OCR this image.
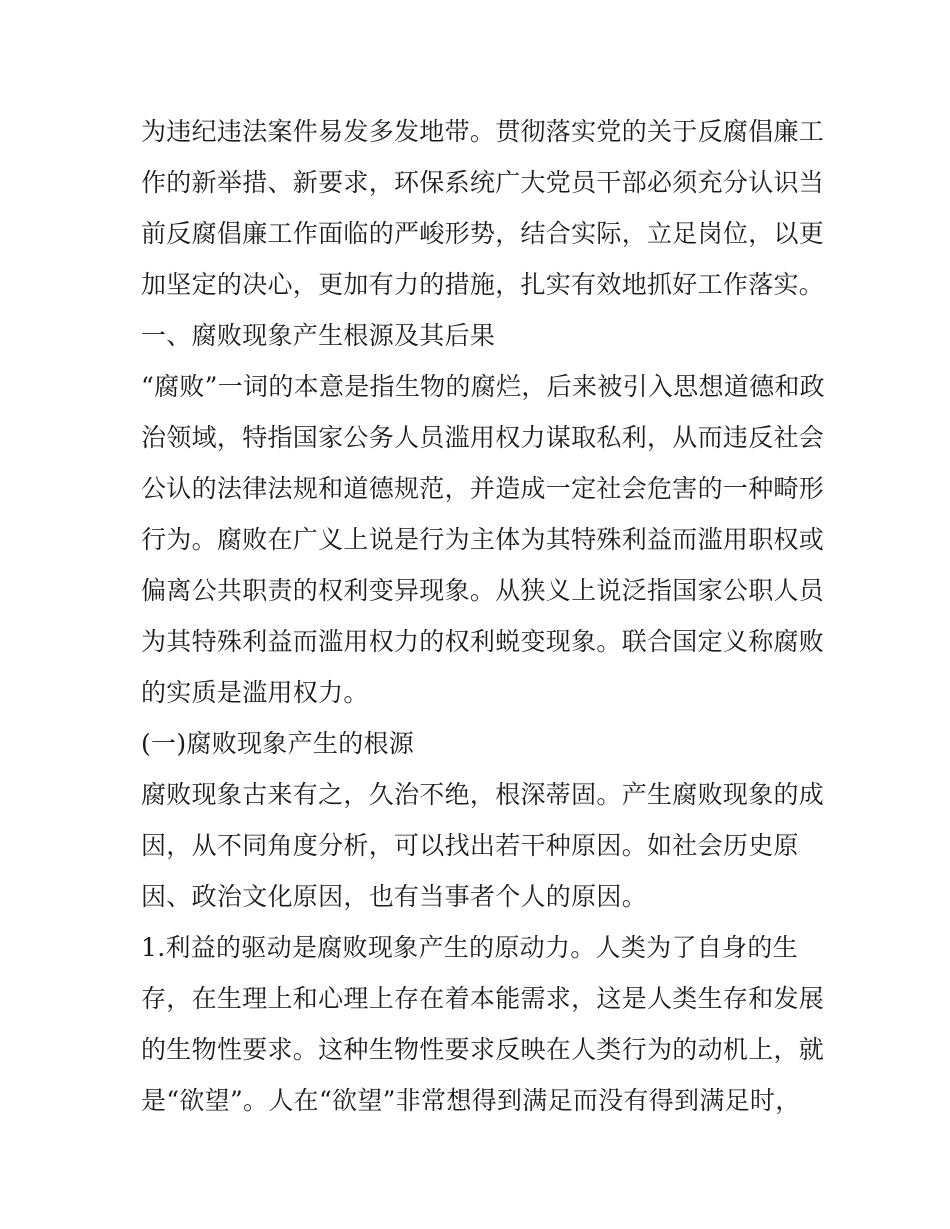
为违纪违法案件易发多发地带。贯彻落实党的关于反腐倡廉工
作的新举措、新要求，环保系统广大党员干部必须充分认识当
前反腐倡廉工作面临的严峻形势，结合实际，立足岗位，以更
加坚定的决心，更加有力的措施，扎实有效地抓好工作落实。
一、腐败现象产生根源及其后果
“腐败”一词的本意是指生物的腐烂，后来被引入思想道德和政
治领域，特指国家公务人员滥用权力谋取私利，从而违反社会
公认的法律法规和道德规范，并造成一定社会危害的一种畸形
行为。腐败在广义上说是行为主体为其特殊利益而滥用职权或
偏离公共职责的权利变异现象。从狭义上说泛指国家公职人员
为其特殊利益而滥用权力的权利蜕变现象。联合国定义称腐败
的实质是滥用权力。
(一)腐败现象产生的根源
腐败现象古来有之，久治不绝，根深蒂固。产生腐败现象的成
因，从不同角度分析，可以找出若干种原因。如社会历史原
因、政治文化原因，也有当事者个人的原因。
1.利益的驱动是腐败现象产生的原动力。人类为了自身的生
存，在生理上和心理上存在着本能需求，这是人类生存和发展
的生物性要求。这种生物性要求反映在人类行为的动机上，就
是“欲望”。人在“欲望”非常想得到满足而没有得到满足时，
